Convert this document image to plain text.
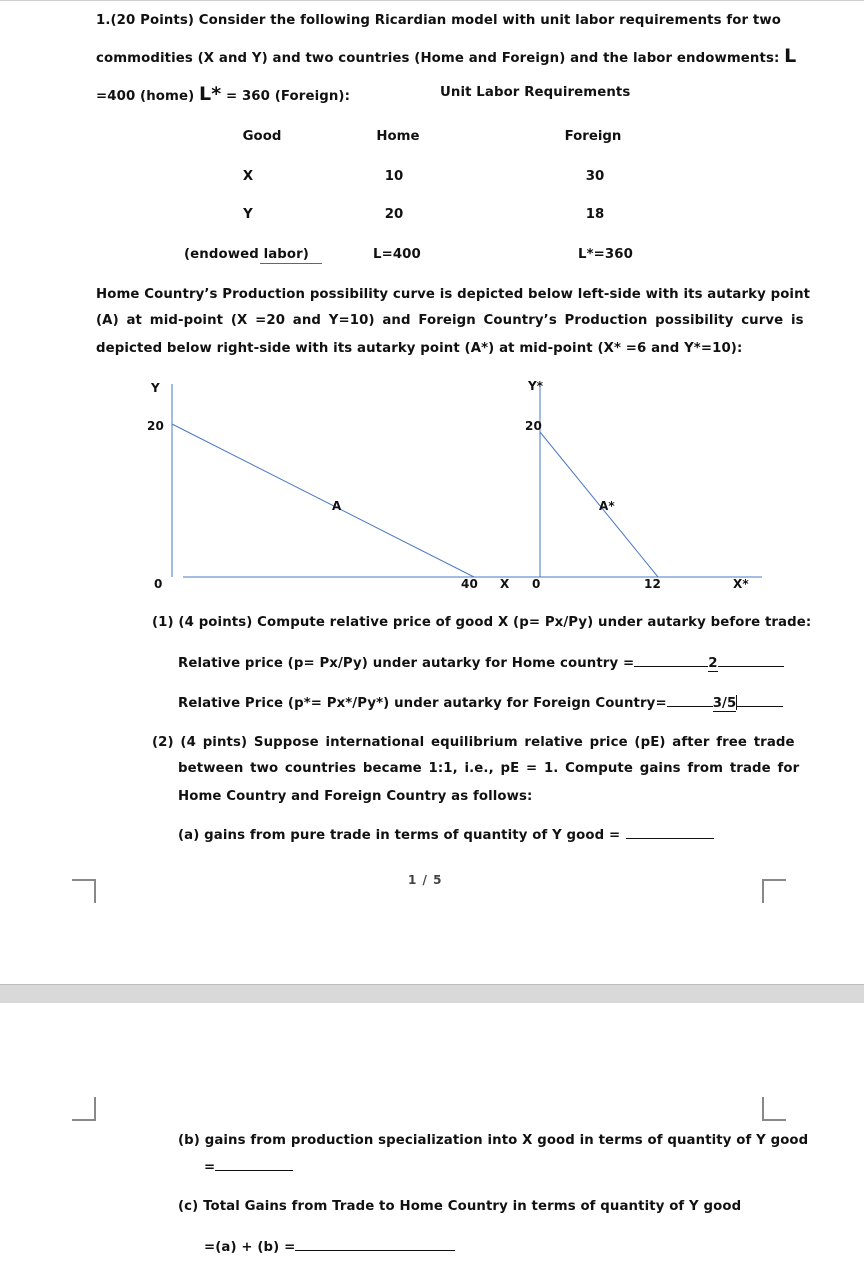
1.(20 Points) Consider the following Ricardian model with unit labor requirements for two
commodities (X and Y) and two countries (Home and Foreign) and the labor endowments: L
=400 (home) L* = 360 (Foreign):	Unit Labor Requirements
Good	Home	Foreign
X	10	30
Y	20	18
(endowed labor)	L=400	L*=360
Home Country’s Production possibility curve is depicted below left-side with its autarky point
(A) at mid-point (X =20 and Y=10) and Foreign Country’s Production possibility curve is
depicted below right-side with its autarky point (A*) at mid-point (X* =6 and Y*=10):
Y
20
0	40 X
A
Y*
20
0	12	X*
A*
(1) (4 points) Compute relative price of good X (p= Px/Py) under autarky before trade:
Relative price (p= Px/Py) under autarky for Home country =	2
Relative Price (p*= Px*/Py*) under autarky for Foreign Country=	3/5
(2) (4 pints) Suppose international equilibrium relative price (pE) after free trade
between two countries became 1:1, i.e., pE = 1. Compute gains from trade for
Home Country and Foreign Country as follows:
(a) gains from pure trade in terms of quantity of Y good =
1 / 5
(b) gains from production specialization into X good in terms of quantity of Y good
=
(c) Total Gains from Trade to Home Country in terms of quantity of Y good
=(a) + (b) =
